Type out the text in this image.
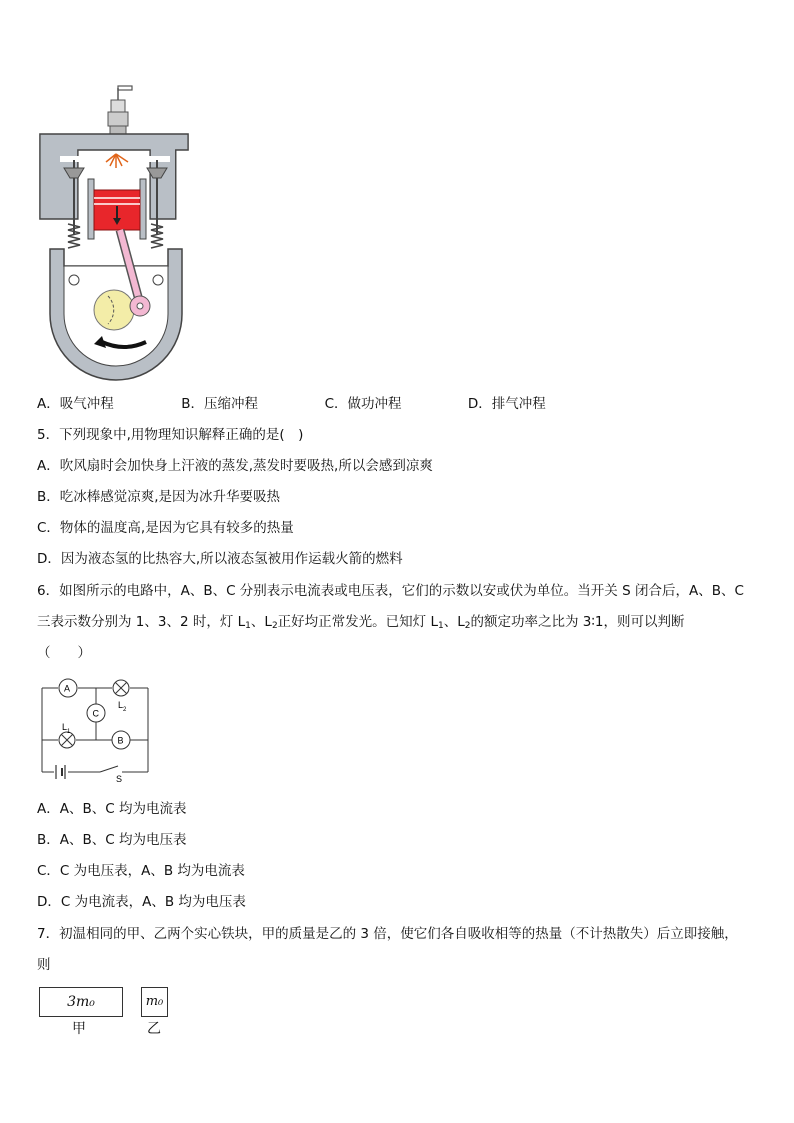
A．吸气冲程	B．压缩冲程	C．做功冲程	D．排气冲程
5．下列现象中,用物理知识解释正确的是(　)
A．吹风扇时会加快身上汗液的蒸发,蒸发时要吸热,所以会感到凉爽
B．吃冰棒感觉凉爽,是因为冰升华要吸热
C．物体的温度高,是因为它具有较多的热量
D．因为液态氢的比热容大,所以液态氢被用作运载火箭的燃料
6．如图所示的电路中，A、B、C 分别表示电流表或电压表，它们的示数以安或伏为单位。当开关 S 闭合后，A、B、C
三表示数分别为 1、3、2 时，灯 $L_1$、$L_2$正好均正常发光。已知灯 $L_1$、$L_2$的额定功率之比为 3∶1，则可以判断
（　　）
A
$L_2$
C
$L_1$
B
S
A．A、B、C 均为电流表
B．A、B、C 均为电压表
C．C 为电压表，A、B 均为电流表
D．C 为电流表，A、B 均为电压表
7．初温相同的甲、乙两个实心铁块，甲的质量是乙的 3 倍，使它们各自吸收相等的热量（不计热散失）后立即接触，
则
3m₀
甲
m₀
乙
